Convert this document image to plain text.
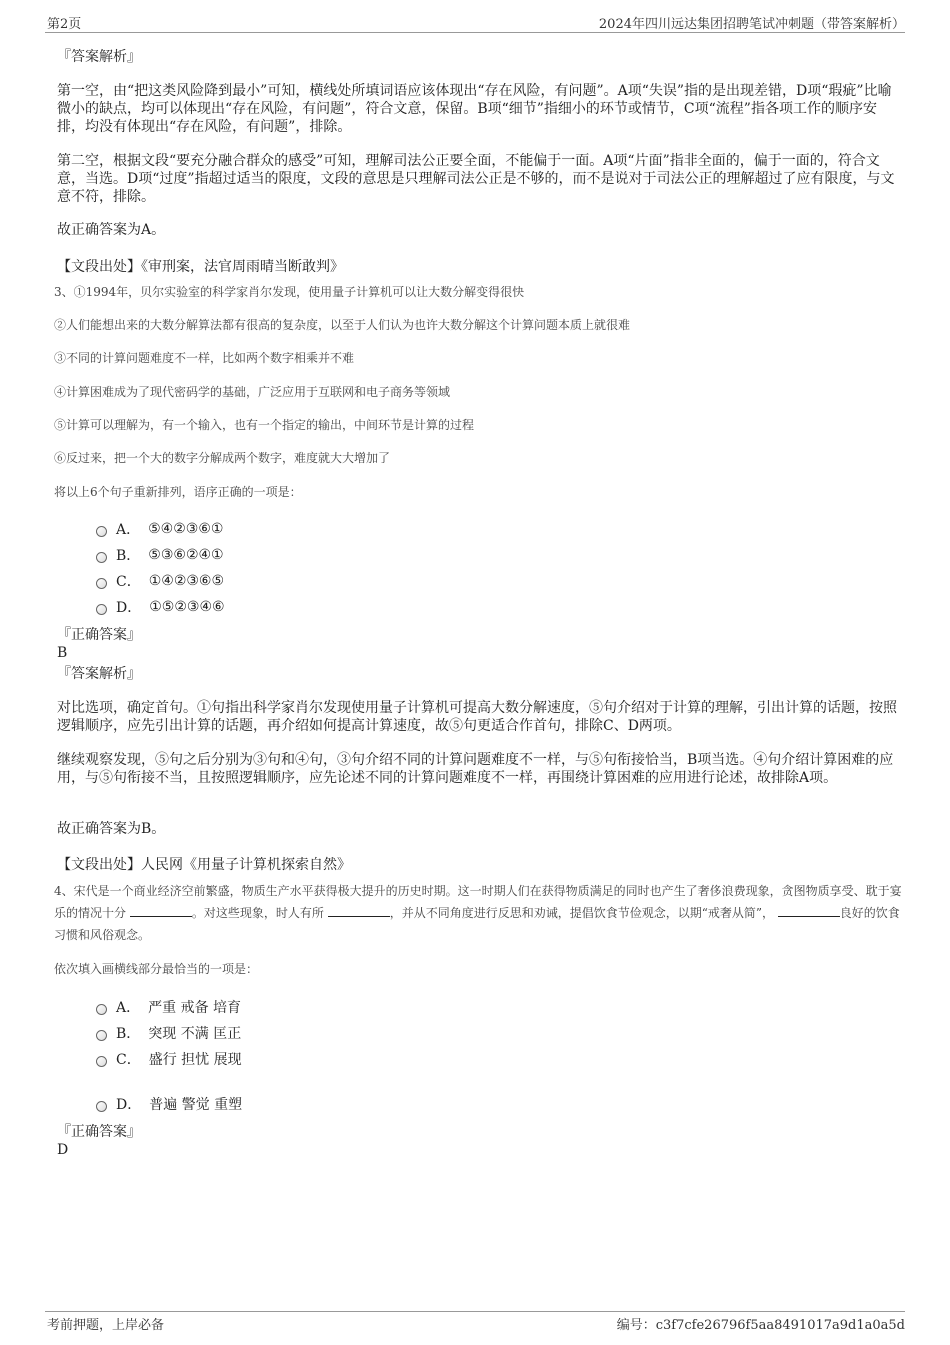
第2页	2024年四川远达集团招聘笔试冲刺题（带答案解析）
『答案解析』
第一空，由“把这类风险降到最小”可知，横线处所填词语应该体现出“存在风险，有问题”。A项“失误”指的是出现差错，D项“瑕疵”比喻微小的缺点，均可以体现出“存在风险，有问题”，符合文意，保留。B项“细节”指细小的环节或情节，C项“流程”指各项工作的顺序安排，均没有体现出“存在风险，有问题”，排除。
第二空，根据文段“要充分融合群众的感受”可知，理解司法公正要全面，不能偏于一面。A项“片面”指非全面的，偏于一面的，符合文意，当选。D项“过度”指超过适当的限度，文段的意思是只理解司法公正是不够的，而不是说对于司法公正的理解超过了应有限度，与文意不符，排除。
故正确答案为A。
【文段出处】《审刑案，法官周雨晴当断敢判》
3、①1994年，贝尔实验室的科学家肖尔发现，使用量子计算机可以让大数分解变得很快
②人们能想出来的大数分解算法都有很高的复杂度，以至于人们认为也许大数分解这个计算问题本质上就很难
③不同的计算问题难度不一样，比如两个数字相乘并不难
④计算困难成为了现代密码学的基础，广泛应用于互联网和电子商务等领域
⑤计算可以理解为，有一个输入，也有一个指定的输出，中间环节是计算的过程
⑥反过来，把一个大的数字分解成两个数字，难度就大大增加了
将以上6个句子重新排列，语序正确的一项是：
A． ⑤④②③⑥①
B． ⑤③⑥②④①
C． ①④②③⑥⑤
D． ①⑤②③④⑥
『正确答案』
B
『答案解析』
对比选项，确定首句。①句指出科学家肖尔发现使用量子计算机可提高大数分解速度，⑤句介绍对于计算的理解，引出计算的话题，按照逻辑顺序，应先引出计算的话题，再介绍如何提高计算速度，故⑤句更适合作首句，排除C、D两项。
继续观察发现，⑤句之后分别为③句和④句，③句介绍不同的计算问题难度不一样，与⑤句衔接恰当，B项当选。④句介绍计算困难的应用，与⑤句衔接不当，且按照逻辑顺序，应先论述不同的计算问题难度不一样，再围绕计算困难的应用进行论述，故排除A项。
故正确答案为B。
【文段出处】人民网《用量子计算机探索自然》
4、宋代是一个商业经济空前繁盛，物质生产水平获得极大提升的历史时期。这一时期人们在获得物质满足的同时也产生了奢侈浪费现象，贪图物质享受、耽于宴乐的情况十分	。对这些现象，时人有所	，并从不同角度进行反思和劝诫，提倡饮食节俭观念，以期“戒奢从简”，	良好的饮食习惯和风俗观念。
依次填入画横线部分最恰当的一项是：
A． 严重 戒备 培育
B． 突现 不满 匡正
C． 盛行 担忧 展现
D． 普遍 警觉 重塑
『正确答案』
D
考前押题，上岸必备	编号：c3f7cfe26796f5aa8491017a9d1a0a5d
